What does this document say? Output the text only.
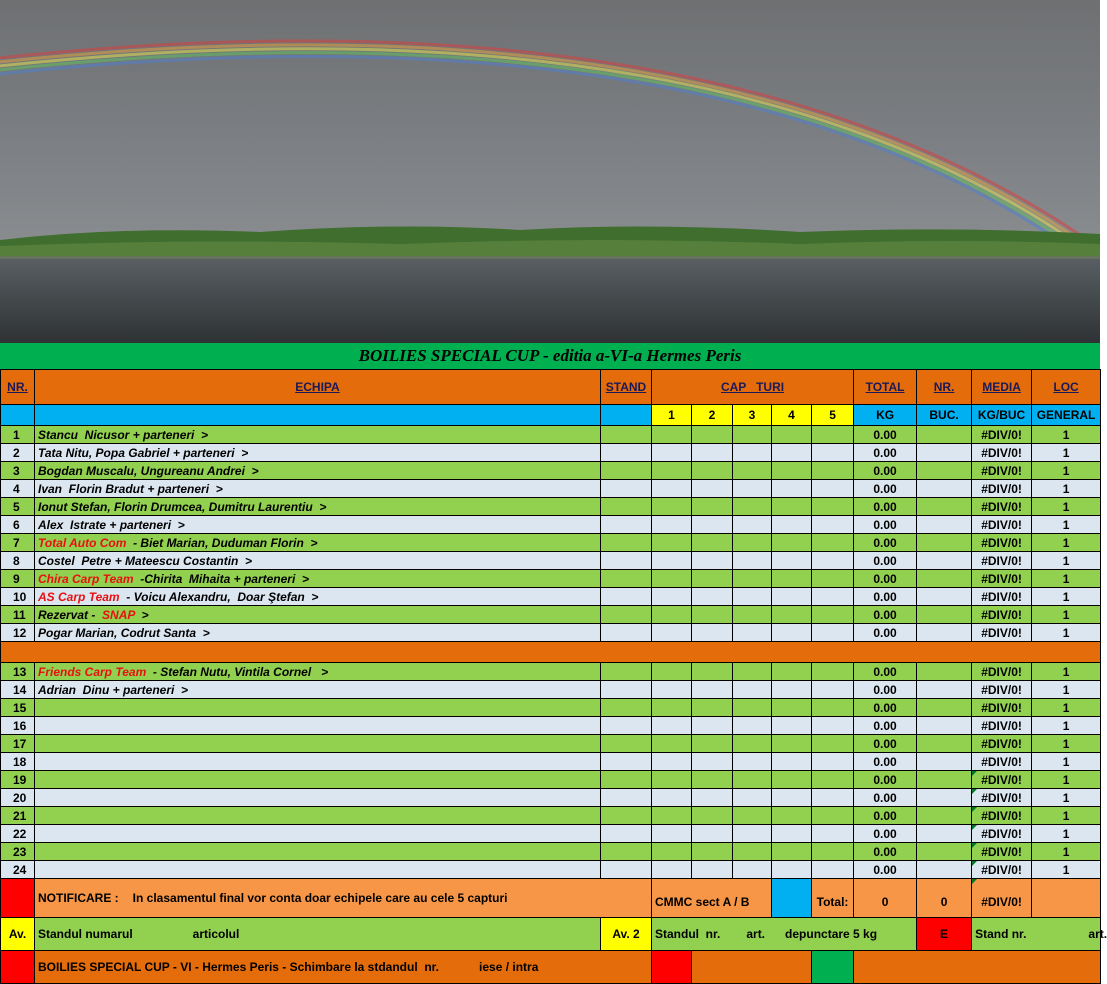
BOILIES SPECIAL CUP - editia a-VI-a Hermes Peris
NR.	ECHIPA	STAND	CAP   TURI					TOTAL	NR.	MEDIA	LOC
			1	2	3	4	5	KG	BUC.	KG/BUC	GENERAL
1	Stancu  Nicusor + parteneri  >							0.00		#DIV/0!	1
2	Tata Nitu, Popa Gabriel + parteneri  >							0.00		#DIV/0!	1
3	Bogdan Muscalu, Ungureanu Andrei  >							0.00		#DIV/0!	1
4	Ivan  Florin Bradut + parteneri  >							0.00		#DIV/0!	1
5	Ionut Stefan, Florin Drumcea, Dumitru Laurentiu  >							0.00		#DIV/0!	1
6	Alex  Istrate + parteneri  >							0.00		#DIV/0!	1
7	Total Auto Com  - Biet Marian, Duduman Florin  >							0.00		#DIV/0!	1
8	Costel  Petre + Mateescu Costantin  >							0.00		#DIV/0!	1
9	Chira Carp Team  -Chirita  Mihaita + parteneri  >							0.00		#DIV/0!	1
10	AS Carp Team  - Voicu Alexandru,  Doar Ştefan  >							0.00		#DIV/0!	1
11	Rezervat -  SNAP  >							0.00		#DIV/0!	1
12	Pogar Marian, Codrut Santa  >							0.00		#DIV/0!	1

13	Friends Carp Team  - Stefan Nutu, Vintila Cornel   >							0.00		#DIV/0!	1
14	Adrian  Dinu + parteneri  >							0.00		#DIV/0!	1
15								0.00		#DIV/0!	1
16								0.00		#DIV/0!	1
17								0.00		#DIV/0!	1
18								0.00		#DIV/0!	1
19								0.00		#DIV/0!	1
20								0.00		#DIV/0!	1
21								0.00		#DIV/0!	1
22								0.00		#DIV/0!	1
23								0.00		#DIV/0!	1
24								0.00		#DIV/0!	1
	NOTIFICARE : In clasamentul final vor conta doar echipele care au cele 5 capturi		CMMC sect A / B				Total:	0	0	#DIV/0!	
Av.	Standul numarul articolul	Av. 2	Standul  nr. art. depunctare 5 kg						E	Stand nr. art.	
	BOILIES SPECIAL CUP - VI - Hermes Peris - Schimbare la stdandul  nr. iese / intra										
